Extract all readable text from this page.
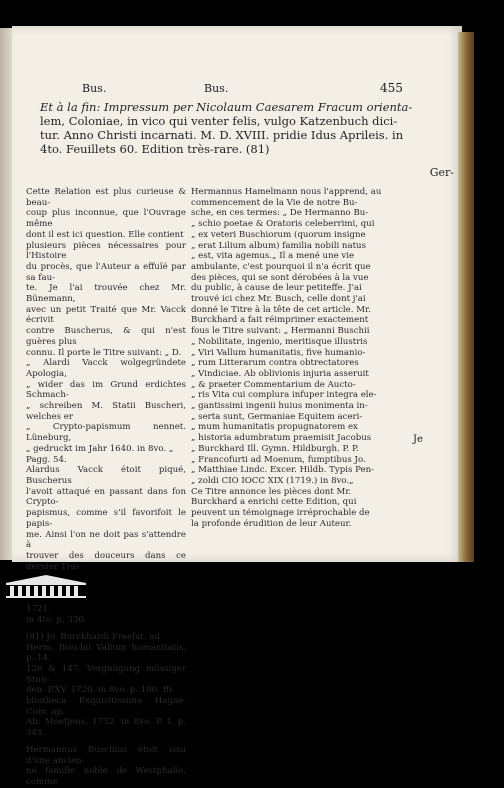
Bus.	Bus.	455
Et à la fin: Impressum per Nicolaum Caesarem Fracum orienta-
lem, Coloniae, in vico qui venter felis, vulgo Katzenbuch dici-
tur. Anno Christi incarnati. M. D. XVIII. pridie Idus Aprileis. in
4to. Feuillets 60. Edition très-rare. (81)
Ger-

Cette Relation est plus curieuse & beau-
coup plus inconnue, que l'Ouvrage même
dont il est ici question. Elle contient
plusieurs pièces nécessaires pour l'Histoire
du procès, que l'Auteur a effuïé par sa fau-
te. Je l'ai trouvée chez Mr. Bünemann,
avec un petit Traité que Mr. Vacck écrivit
contre Buscherus, & qui n'est guères plus
connu. Il porte le Titre suivant: „ D.
„ Alardi Vacck wolgegründete Apologia,
„ wider das im Grund erdichtes Schmach-
„ schreiben M. Statii Buscheri, welches er
„ Crypto-papismum nennet. Lüneburg,
„ gedruckt im Jahr 1640. in 8vo. „
Pagg. 54.

Alardus Vacck étoit piqué, Buscherus
l'avoit attaqué en passant dans fon Crypto-
papismus, comme s'il favorifoit le papis-
me. Ainsi l'on ne doit pas s'attendre à
trouver des douceurs dans ce dernier Trai-

1721.
in 4to. p. 330.

(81) Jo. Burckhardi Praefat. ad
Herm. Buschii Vallum humanitatis, p. 14.
126 & 147. Vergnügung müssiger Stun-
den. P.XV. 1720. in 8vo. p. 190. Bi-
bliotheca Exquisitissima Hagae-Com. ap.
Ab. Moetjens, 1732. in 8vo. P. I. p. 345.

Hermannus Buschius étoit issu d'une ancien-
ne famille noble de Westphalie, comme

Hermannus Hamelmann nous l'apprend, au
commencement de la Vie de notre Bu-
sche, en ces termes: „ De Hermanno Bu-
„ schio poetae & Oratoris celeberrimi, qui
„ ex veteri Buschiorum (quorum insigne
„ erat Lilium album) familia nobili natus
„ est, vita agemus.„ Il a mené une vie
ambulante, c'est pourquoi il n'a écrit que
des pièces, qui se sont dérobées à la vue
du public, à cause de leur petiteffe. J'ai
trouvé ici chez Mr. Busch, celle dont j'ai
donné le Titre à la tête de cet article. Mr.
Burckhard a fait réimprimer exactement
fous le Titre suivant: „ Hermanni Buschii
„ Nobilitate, ingenio, meritisque illustris
„ Viri Vallum humanitatis, five humanio-
„ rum Litterarum contra obtrectatores
„ Vindiciae. Ab oblivionis injuria asseruit
„ & praeter Commentarium de Aucto-
„ ris Vita cui complura infuper integra ele-
„ gantissimi ingenii huius monimenta in-
„ serta sunt, Germaniae Equitem aceri-
„ mum humanitatis propugnatorem ex
„ historia adumbratum praemisit Jacobus
„ Burckhard Ill. Gymn. Hildburgh. P. P.
„ Francofurti ad Moenum, fumptibus Jo.
„ Matthiae Lindc. Excer. Hildb. Typis Pen-
„ zoldi CIO IOCC XIX (1719.) in 8vo.„
Ce Titre annonce les pièces dont Mr.
Burckhard a enrichi cette Edition, qui
peuvent un témoignage irréprochable de
la profonde érudition de leur Auteur.

Je
